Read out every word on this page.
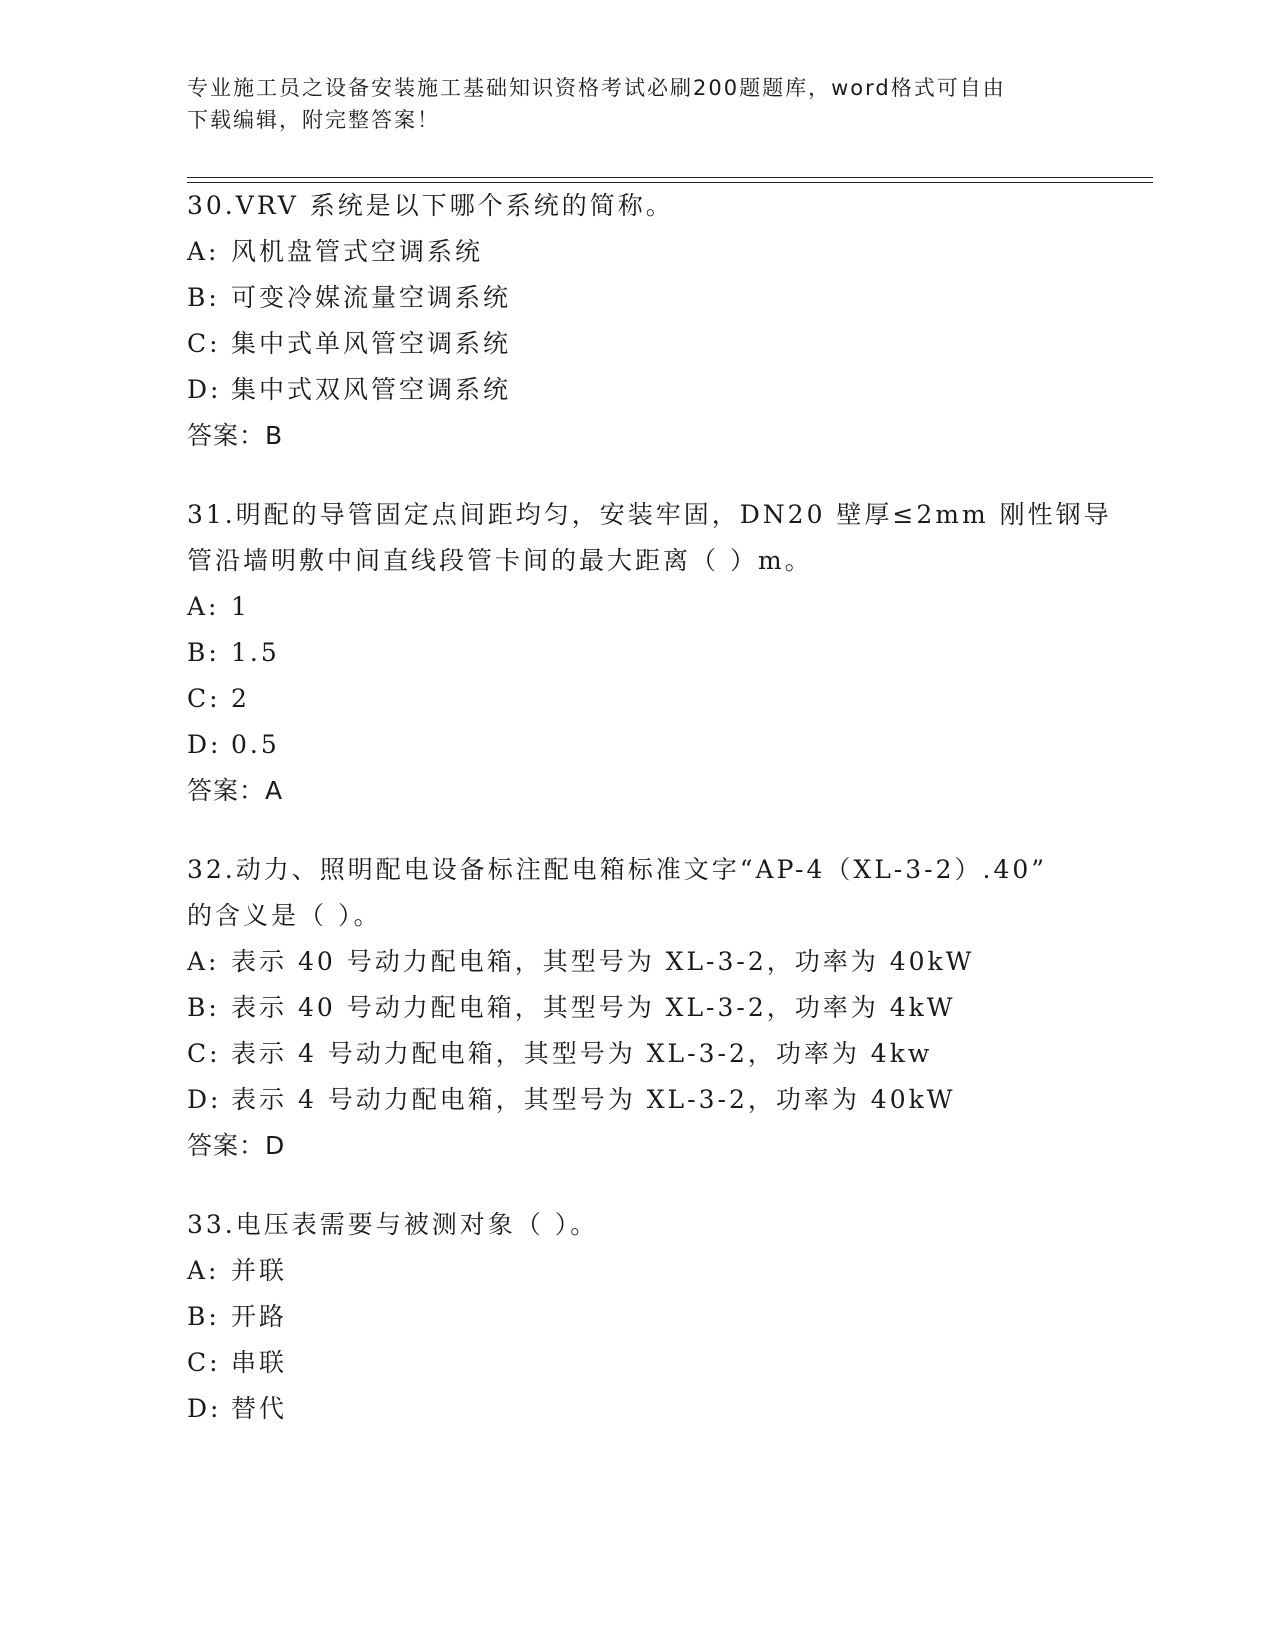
专业施工员之设备安装施工基础知识资格考试必刷200题题库，word格式可自由
下载编辑，附完整答案！
30.VRV 系统是以下哪个系统的简称。
A: 风机盘管式空调系统
B: 可变冷媒流量空调系统
C: 集中式单风管空调系统
D: 集中式双风管空调系统
答案：B
31.明配的导管固定点间距均匀，安装牢固，DN20 壁厚≤2mm 刚性钢导
管沿墙明敷中间直线段管卡间的最大距离（ ）m。
A: 1
B: 1.5
C: 2
D: 0.5
答案：A
32.动力、照明配电设备标注配电箱标准文字“AP-4（XL-3-2）.40”
的含义是（ ）。
A: 表示 40 号动力配电箱，其型号为 XL-3-2，功率为 40kW
B: 表示 40 号动力配电箱，其型号为 XL-3-2，功率为 4kW
C: 表示 4 号动力配电箱，其型号为 XL-3-2，功率为 4kw
D: 表示 4 号动力配电箱，其型号为 XL-3-2，功率为 40kW
答案：D
33.电压表需要与被测对象（ ）。
A: 并联
B: 开路
C: 串联
D: 替代
